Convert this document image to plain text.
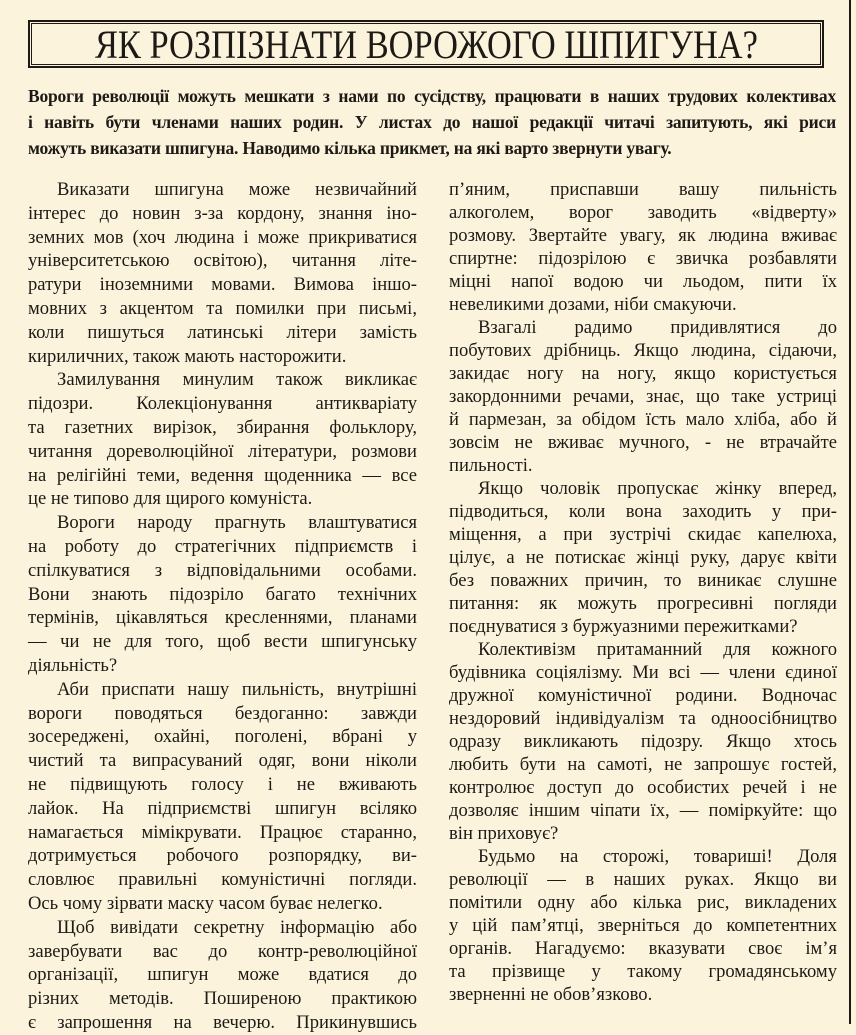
ЯК РОЗПІЗНАТИ ВОРОЖОГО ШПИГУНА?
Вороги революції можуть мешкати з нами по сусідству, працювати в наших трудових колективах
і навіть бути членами наших родин. У листах до нашої редакції читачі запитують, які риси
можуть виказати шпигуна. Наводимо кілька прикмет, на які варто звернути увагу.
Виказати шпигуна може незвичайний
інтерес до новин з-за кордону, знання іно-
земних мов (хоч людина і може прикриватися
університетською освітою), читання літе-
ратури іноземними мовами. Вимова іншо-
мовних з акцентом та помилки при письмі,
коли пишуться латинські літери замість
кириличних, також мають насторожити.
Замилування минулим також викликає
підозри. Колекціонування антикваріату
та газетних вирізок, збирання фольклору,
читання дореволюційної літератури, розмови
на релігійні теми, ведення щоденника — все
це не типово для щирого комуніста.
Вороги народу прагнуть влаштуватися
на роботу до стратегічних підприємств і
спілкуватися з відповідальними особами.
Вони знають підозріло багато технічних
термінів, цікавляться кресленнями, планами
— чи не для того, щоб вести шпигунську
діяльність?
Аби приспати нашу пильність, внутрішні
вороги поводяться бездоганно: завжди
зосереджені, охайні, поголені, вбрані у
чистий та випрасуваний одяг, вони ніколи
не підвищують голосу і не вживають
лайок. На підприємстві шпигун всіляко
намагається мімікрувати. Працює старанно,
дотримується робочого розпорядку, ви-
словлює правильні комуністичні погляди.
Ось чому зірвати маску часом буває нелегко.
Щоб вивідати секретну інформацію або
завербувати вас до контр-революційної
організації, шпигун може вдатися до
різних методів. Поширеною практикою
є запрошення на вечерю. Прикинувшись
п’яним, приспавши вашу пильність
алкоголем, ворог заводить «відверту»
розмову. Звертайте увагу, як людина вживає
спиртне: підозрілою є звичка розбавляти
міцні напої водою чи льодом, пити їх
невеликими дозами, ніби смакуючи.
Взагалі радимо придивлятися до
побутових дрібниць. Якщо людина, сідаючи,
закидає ногу на ногу, якщо користується
закордонними речами, знає, що таке устриці
й пармезан, за обідом їсть мало хліба, або й
зовсім не вживає мучного, - не втрачайте
пильності.
Якщо чоловік пропускає жінку вперед,
підводиться, коли вона заходить у при-
міщення, а при зустрічі скидає капелюха,
цілує, а не потискає жінці руку, дарує квіти
без поважних причин, то виникає слушне
питання: як можуть прогресивні погляди
поєднуватися з буржуазними пережитками?
Колективізм притаманний для кожного
будівника соціялізму. Ми всі — члени єдиної
дружної комуністичної родини. Водночас
нездоровий індивідуалізм та одноосібництво
одразу викликають підозру. Якщо хтось
любить бути на самоті, не запрошує гостей,
контролює доступ до особистих речей і не
дозволяє іншим чіпати їх, — поміркуйте: що
він приховує?
Будьмо на сторожі, товариші! Доля
революції — в наших руках. Якщо ви
помітили одну або кілька рис, викладених
у цій пам’ятці, зверніться до компетентних
органів. Нагадуємо: вказувати своє ім’я
та прізвище у такому громадянському
зверненні не обов’язково.
